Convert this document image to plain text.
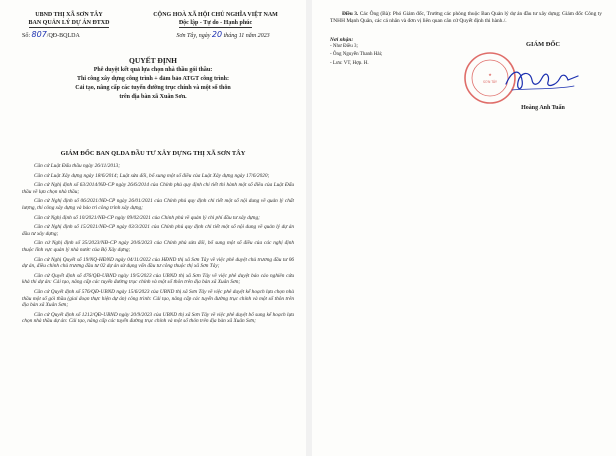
UBND THỊ XÃ SƠN TÂY
BAN QUẢN LÝ DỰ ÁN ĐTXD
Số: 807/QĐ-BQLDA
CỘNG HOÀ XÃ HỘI CHỦ NGHĨA VIỆT NAM
Độc lập - Tự do - Hạnh phúc
Sơn Tây, ngày 20 tháng 11 năm 2023
QUYẾT ĐỊNH
Phê duyệt kết quả lựa chọn nhà thầu gói thầu:
Thi công xây dựng công trình + đảm bảo ATGT công trình:
Cải tạo, nâng cấp các tuyến đường trục chính và một số thôn
trên địa bàn xã Xuân Sơn.
GIÁM ĐỐC BAN QLDA ĐẦU TƯ XÂY DỰNG THỊ XÃ SƠN TÂY

Căn cứ Luật Đấu thầu ngày 26/11/2013;

Căn cứ Luật Xây dựng ngày 18/6/2014; Luật sửa đổi, bổ sung một số điều của Luật Xây dựng ngày 17/6/2020;

Căn cứ Nghị định số 63/2014/NĐ-CP ngày 26/6/2014 của Chính phủ quy định chi tiết thi hành một số điều của Luật Đấu thầu về lựa chọn nhà thầu;

Căn cứ Nghị định số 06/2021/NĐ-CP ngày 26/01/2021 của Chính phủ quy định chi tiết một số nội dung về quản lý chất lượng, thi công xây dựng và bảo trì công trình xây dựng;

Căn cứ Nghị định số 10/2021/NĐ-CP ngày 09/02/2021 của Chính phủ về quản lý chi phí đầu tư xây dựng;

Căn cứ Nghị định số 15/2021/NĐ-CP ngày 03/3/2021 của Chính phủ quy định chi tiết một số nội dung về quản lý dự án đầu tư xây dựng;

Căn cứ Nghị định số 35/2023/NĐ-CP ngày 20/6/2023 của Chính phủ sửa đổi, bổ sung một số điều của các nghị định thuộc lĩnh vực quản lý nhà nước của Bộ Xây dựng;

Căn cứ Nghị Quyết số 19/NQ-HĐND ngày 04/11/2022 của HĐND thị xã Sơn Tây về việc phê duyệt chủ trương đầu tư 06 dự án, điều chỉnh chủ trương đầu tư 02 dự án sử dụng vốn đầu tư công thuộc thị xã Sơn Tây;

Căn cứ Quyết định số 476/QĐ-UBND ngày 19/5/2023 của UBND thị xã Sơn Tây về việc phê duyệt báo cáo nghiên cứu khả thi dự án: Cải tạo, nâng cấp các tuyến đường trục chính và một số thôn trên địa bàn xã Xuân Sơn;

Căn cứ Quyết định số 576/QĐ-UBND ngày 15/6/2023 của UBND thị xã Sơn Tây về việc phê duyệt kế hoạch lựa chọn nhà thầu một số gói thầu (giai đoạn thực hiện dự án) công trình: Cải tạo, nâng cấp các tuyến đường trục chính và một số thôn trên địa bàn xã Xuân Sơn;

Căn cứ Quyết định số 1212/QĐ-UBND ngày 20/9/2023 của UBND thị xã Sơn Tây về việc phê duyệt bổ sung kế hoạch lựa chọn nhà thầu dự án: Cải tạo, nâng cấp các tuyến đường trục chính và một số thôn trên địa bàn xã Xuân Sơn;

Điều 3. Các Ông (Bà): Phó Giám đốc, Trưởng các phòng thuộc Ban Quản lý dự án đầu tư xây dựng; Giám đốc Công ty TNHH Mạnh Quân, các cá nhân và đơn vị liên quan căn cứ Quyết định thi hành./.
Nơi nhận:
- Như Điều 3;
- Ông Nguyễn Thanh Hải;
- Lưu: VT, Hợp. H.
GIÁM ĐỐC
★
SƠN TÂY
Hoàng Anh Tuấn
